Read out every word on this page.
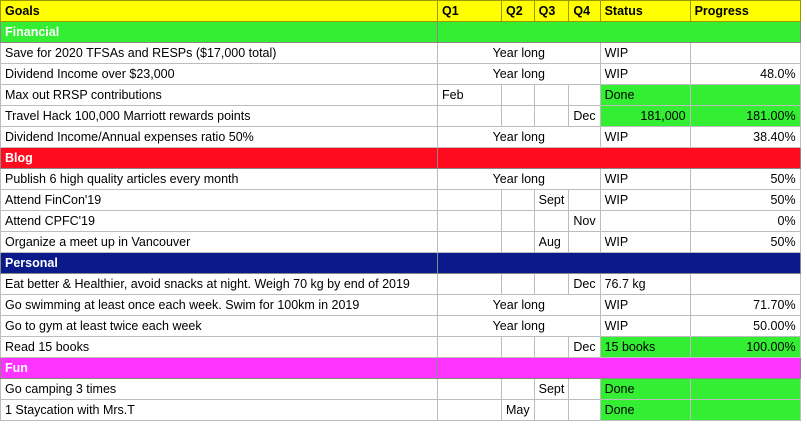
Goals	Q1	Q2	Q3	Q4	Status	Progress
Financial						
Save for 2020 TFSAs and RESPs ($17,000 total)	Year long				WIP	
Dividend Income over $23,000	Year long				WIP	48.0%
Max out RRSP contributions	Feb				Done	
Travel Hack 100,000 Marriott rewards points				Dec	181,000	181.00%
Dividend Income/Annual expenses ratio 50%	Year long				WIP	38.40%
Blog						
Publish 6 high quality articles every month	Year long				WIP	50%
Attend FinCon'19			Sept		WIP	50%
Attend CPFC'19				Nov		0%
Organize a meet up in Vancouver			Aug		WIP	50%
Personal						
Eat better & Healthier, avoid snacks at night. Weigh 70 kg by end of 2019				Dec	76.7 kg	
Go swimming at least once each week. Swim for 100km in 2019	Year long				WIP	71.70%
Go to gym at least twice each week	Year long				WIP	50.00%
Read 15 books				Dec	15 books	100.00%
Fun						
Go camping 3 times			Sept		Done	
1 Staycation with Mrs.T		May			Done	
